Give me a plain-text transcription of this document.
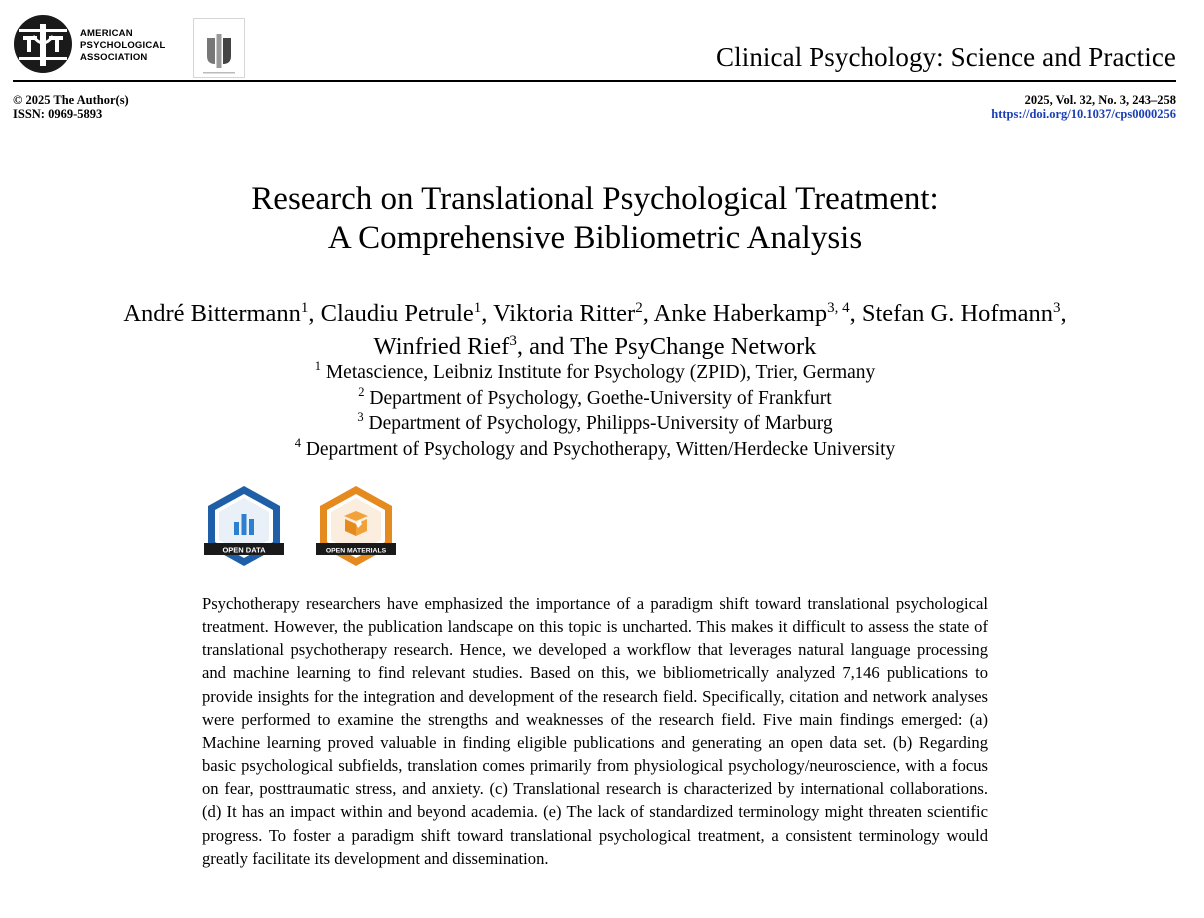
AMERICAN
PSYCHOLOGICAL
ASSOCIATION	Clinical Psychology: Science and Practice
© 2025 The Author(s)
ISSN: 0969-5893
2025, Vol. 32, No. 3, 243–258
https://doi.org/10.1037/cps0000256
Research on Translational Psychological Treatment:
A Comprehensive Bibliometric Analysis
André Bittermann$^1$, Claudiu Petrule$^1$, Viktoria Ritter$^2$, Anke Haberkamp$^{3, 4}$, Stefan G. Hofmann$^3$,
Winfried Rief$^3$, and The PsyChange Network
$^1$ Metascience, Leibniz Institute for Psychology (ZPID), Trier, Germany
$^2$ Department of Psychology, Goethe-University of Frankfurt
$^3$ Department of Psychology, Philipps-University of Marburg
$^4$ Department of Psychology and Psychotherapy, Witten/Herdecke University
OPEN DATA	OPEN MATERIALS
Psychotherapy researchers have emphasized the importance of a paradigm shift toward translational psychological treatment. However, the publication landscape on this topic is uncharted. This makes it difficult to assess the state of translational psychotherapy research. Hence, we developed a workflow that leverages natural language processing and machine learning to find relevant studies. Based on this, we bibliometrically analyzed 7,146 publications to provide insights for the integration and development of the research field. Specifically, citation and network analyses were performed to examine the strengths and weaknesses of the research field. Five main findings emerged: (a) Machine learning proved valuable in finding eligible publications and generating an open data set. (b) Regarding basic psychological subfields, translation comes primarily from physiological psychology/neuroscience, with a focus on fear, posttraumatic stress, and anxiety. (c) Translational research is characterized by international collaborations. (d) It has an impact within and beyond academia. (e) The lack of standardized terminology might threaten scientific progress. To foster a paradigm shift toward translational psychological treatment, a consistent terminology would greatly facilitate its development and dissemination.
